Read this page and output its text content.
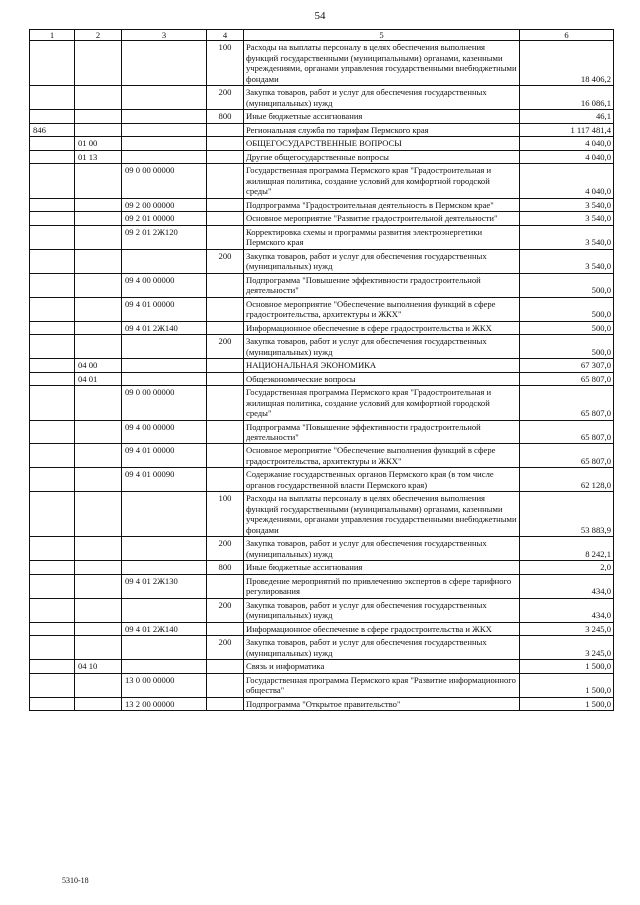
54
1	2	3	4	5	6
			100	Расходы на выплаты персоналу в целях обеспечения выполнения функций государственными (муниципальными) органами, казенными учреждениями, органами управления государственными внебюджетными фондами	18 406,2
			200	Закупка товаров, работ и услуг для обеспечения государственных (муниципальных) нужд	16 086,1
			800	Иные бюджетные ассигнования	46,1
846				Региональная служба по тарифам Пермского края	1 117 481,4
	01 00			ОБЩЕГОСУДАРСТВЕННЫЕ ВОПРОСЫ	4 040,0
	01 13			Другие общегосударственные вопросы	4 040,0
		09 0 00 00000		Государственная программа Пермского края "Градостроительная и жилищная политика, создание условий для комфортной городской среды"	4 040,0
		09 2 00 00000		Подпрограмма "Градостроительная деятельность в Пермском крае"	3 540,0
		09 2 01 00000		Основное мероприятие "Развитие градостроительной деятельности"	3 540,0
		09 2 01 2Ж120		Корректировка схемы и программы развития электроэнергетики Пермского края	3 540,0
			200	Закупка товаров, работ и услуг для обеспечения государственных (муниципальных) нужд	3 540,0
		09 4 00 00000		Подпрограмма "Повышение эффективности градостроительной деятельности"	500,0
		09 4 01 00000		Основное мероприятие "Обеспечение выполнения функций в сфере градостроительства, архитектуры и ЖКХ"	500,0
		09 4 01 2Ж140		Информационное обеспечение в сфере градостроительства и ЖКХ	500,0
			200	Закупка товаров, работ и услуг для обеспечения государственных (муниципальных) нужд	500,0
	04 00			НАЦИОНАЛЬНАЯ ЭКОНОМИКА	67 307,0
	04 01			Общеэкономические вопросы	65 807,0
		09 0 00 00000		Государственная программа Пермского края "Градостроительная и жилищная политика, создание условий для комфортной городской среды"	65 807,0
		09 4 00 00000		Подпрограмма "Повышение эффективности градостроительной деятельности"	65 807,0
		09 4 01 00000		Основное мероприятие "Обеспечение выполнения функций в сфере градостроительства, архитектуры и ЖКХ"	65 807,0
		09 4 01 00090		Содержание государственных органов Пермского края (в том числе органов государственной власти Пермского края)	62 128,0
			100	Расходы на выплаты персоналу в целях обеспечения выполнения функций государственными (муниципальными) органами, казенными учреждениями, органами управления государственными внебюджетными фондами	53 883,9
			200	Закупка товаров, работ и услуг для обеспечения государственных (муниципальных) нужд	8 242,1
			800	Иные бюджетные ассигнования	2,0
		09 4 01 2Ж130		Проведение мероприятий по привлечению экспертов в сфере тарифного регулирования	434,0
			200	Закупка товаров, работ и услуг для обеспечения государственных (муниципальных) нужд	434,0
		09 4 01 2Ж140		Информационное обеспечение в сфере градостроительства и ЖКХ	3 245,0
			200	Закупка товаров, работ и услуг для обеспечения государственных (муниципальных) нужд	3 245,0
	04 10			Связь и информатика	1 500,0
		13 0 00 00000		Государственная программа Пермского края "Развитие информационного общества"	1 500,0
		13 2 00 00000		Подпрограмма "Открытое правительство"	1 500,0
5310-18
